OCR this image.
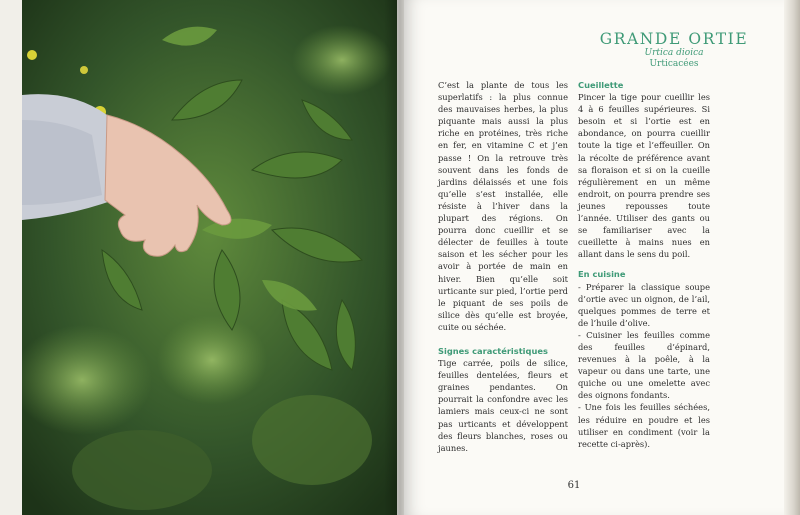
GRANDE ORTIE
Urtica dioica
Urticacées

C’est la plante de tous les superlatifs : la plus connue des mauvaises herbes, la plus piquante mais aussi la plus riche en protéines, très riche en fer, en vitamine C et j’en passe ! On la retrouve très souvent dans les fonds de jardins délaissés et une fois qu’elle s’est installée, elle résiste à l’hiver dans la plupart des régions. On pourra donc cueillir et se délecter de feuilles à toute saison et les sécher pour les avoir à portée de main en hiver. Bien qu’elle soit urticante sur pied, l’ortie perd le piquant de ses poils de silice dès qu’elle est broyée, cuite ou séchée.

Signes caractéristiques

Tige carrée, poils de silice, feuilles dentelées, fleurs et graines pendantes. On pourrait la confondre avec les lamiers mais ceux-ci ne sont pas urticants et développent des fleurs blanches, roses ou jaunes.

Cueillette

Pincer la tige pour cueillir les 4 à 6 feuilles supérieures. Si besoin et si l’ortie est en abondance, on pourra cueillir toute la tige et l’effeuiller. On la récolte de préférence avant sa floraison et si on la cueille régulièrement en un même endroit, on pourra prendre ses jeunes repousses toute l’année. Utiliser des gants ou se familiariser avec la cueillette à mains nues en allant dans le sens du poil.

En cuisine

- Préparer la classique soupe d’ortie avec un oignon, de l’ail, quelques pommes de terre et de l’huile d’olive.

- Cuisiner les feuilles comme des feuilles d’épinard, revenues à la poêle, à la vapeur ou dans une tarte, une quiche ou une omelette avec des oignons fondants.

- Une fois les feuilles séchées, les réduire en poudre et les utiliser en condiment (voir la recette ci-après).

61
